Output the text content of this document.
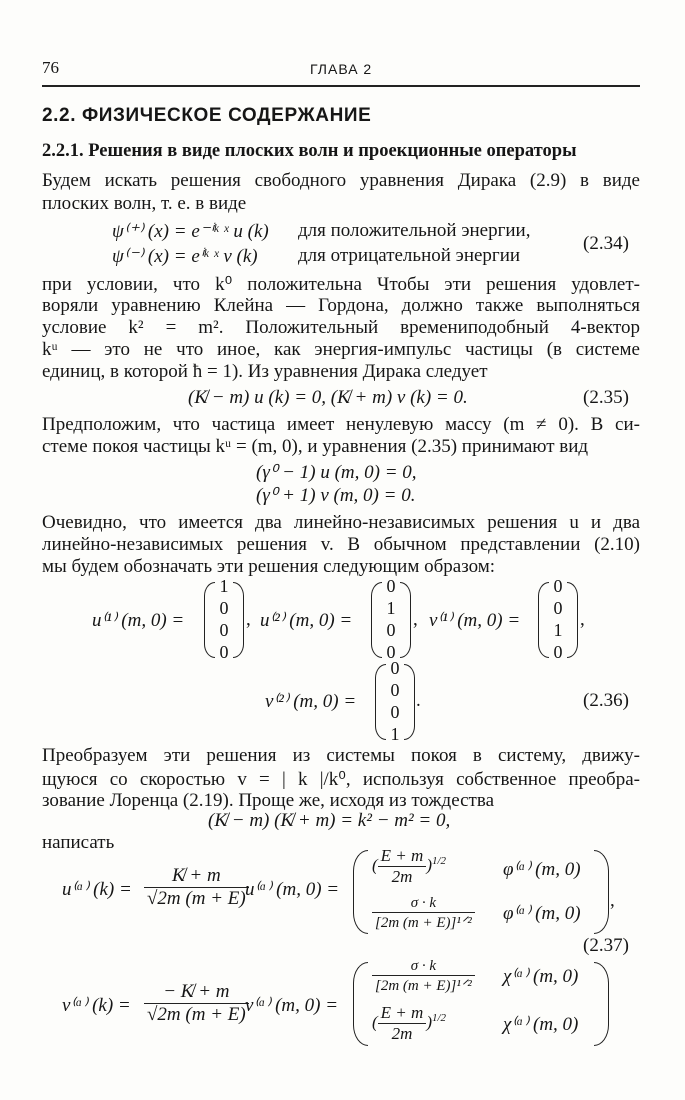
76	ГЛАВА 2
2.2. ФИЗИЧЕСКОЕ СОДЕРЖАНИЕ
2.2.1. Решения в виде плоских волн и проекционные операторы
Будем искать решения свободного уравнения Дирака (2.9) в виде
плоских волн, т. е. в виде
ψ⁽⁺⁾ (x) = e⁻ⁱᵏ ˣ u (k) для положительной энергии,
ψ⁽⁻⁾ (x) = eⁱᵏ ˣ v (k) для отрицательной энергии
(2.34)
при условии, что k⁰ положительна Чтобы эти решения удовлет-
воряли уравнению Клейна — Гордона, должно также выполняться
условие k² = m². Положительный времениподобный 4-вектор
kᵘ — это не что иное, как энергия-импульс частицы (в системе
единиц, в которой ħ = 1). Из уравнения Дирака следует
(K̸ − m) u (k) = 0, (K̸ + m) v (k) = 0.	(2.35)
Предположим, что частица имеет ненулевую массу (m ≠ 0). В си-
стеме покоя частицы kᵘ = (m, 0), и уравнения (2.35) принимают вид
(γ⁰ − 1) u (m, 0) = 0,
(γ⁰ + 1) v (m, 0) = 0.
Очевидно, что имеется два линейно-независимых решения u и два
линейно-независимых решения v. В обычном представлении (2.10)
мы будем обозначать эти решения следующим образом:
u⁽¹⁾ (m, 0) =
1
0
0
0
, u⁽²⁾ (m, 0) =
0
1
0
0
, v⁽¹⁾ (m, 0) =
0
0
1
0
,
v⁽²⁾ (m, 0) =
0
0
0
1
.	(2.36)
Преобразуем эти решения из системы покоя в систему, движу-
щуюся со скоростью v = | k |/k⁰, используя собственное преобра-
зование Лоренца (2.19). Проще же, исходя из тождества
(K̸ − m) (K̸ + m) = k² − m² = 0,
написать
u⁽ᵅ⁾ $(k) = \frac{K̸ + m}{√2m (m + E)}$
u⁽ᵅ⁾ (m, 0) =
( $\frac{E + m}{2m} )^{1/2}$	φ⁽ᵅ⁾ (m, 0)
$\frac{\sigma \cdot k}{\text{[2m (m + E)]¹ᐟ²}}$ φ⁽ᵅ⁾ (m, 0)
,
(2.37)
v⁽ᵅ⁾ $(k) = \frac{- K̸ + m}{√2m (m + E)}$
v⁽ᵅ⁾ (m, 0) =
$\frac{\sigma \cdot k}{\text{[2m (m + E)]¹ᐟ²}}$ χ⁽ᵅ⁾ (m, 0)
( $\frac{E + m}{2m} )^{1/2}$	χ⁽ᵅ⁾ (m, 0)
